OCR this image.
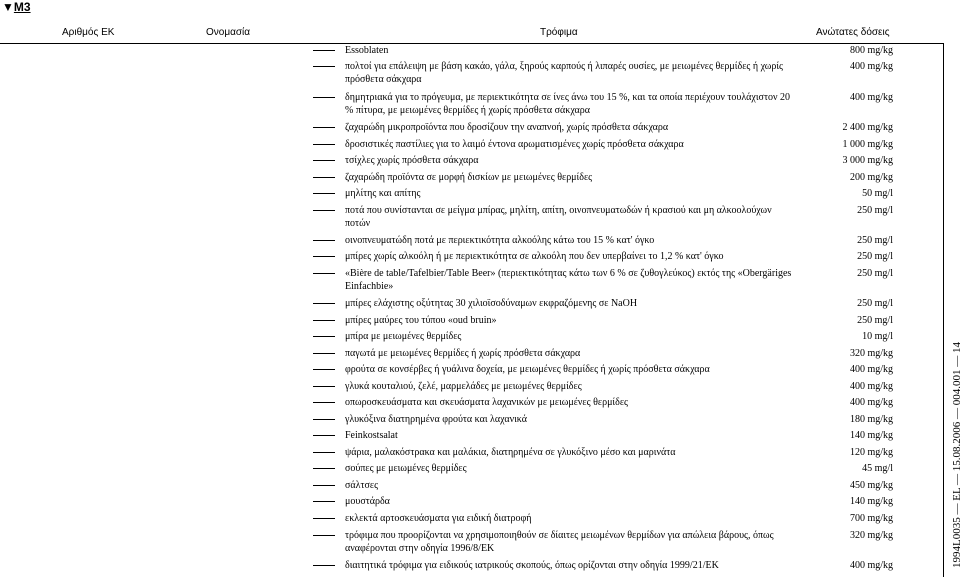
▼M3
Αριθμός ΕΚ	Ονομασία	Τρόφιμα	Ανώτατες δόσεις
Essoblaten	800 mg/kg
πολτοί για επάλειψη με βάση κακάο, γάλα, ξηρούς καρπούς ή λιπαρές ουσίες, με μειωμένες θερμίδες ή χωρίς πρόσθετα σάκχαρα
400 mg/kg
δημητριακά για το πρόγευμα, με περιεκτικότητα σε ίνες άνω του 15 %, και τα οποία περιέχουν τουλάχιστον 20 % πίτυρα, με μειωμένες θερμίδες ή χωρίς πρόσθετα σάκχαρα
400 mg/kg
ζαχαρώδη μικροπροϊόντα που δροσίζουν την αναπνοή, χωρίς πρόσθετα σάκχαρα	2 400 mg/kg
δροσιστικές παστίλιες για το λαιμό έντονα αρωματισμένες χωρίς πρόσθετα σάκχαρα	1 000 mg/kg
τσίχλες χωρίς πρόσθετα σάκχαρα	3 000 mg/kg
ζαχαρώδη προϊόντα σε μορφή δισκίων με μειωμένες θερμίδες	200 mg/kg
μηλίτης και απίτης	50 mg/l
ποτά που συνίστανται σε μείγμα μπίρας, μηλίτη, απίτη, οινοπνευματωδών ή κρασιού και μη αλκοολούχων ποτών
250 mg/l
οινοπνευματώδη ποτά με περιεκτικότητα αλκοόλης κάτω του 15 % κατ' όγκο	250 mg/l
μπίρες χωρίς αλκοόλη ή με περιεκτικότητα σε αλκοόλη που δεν υπερβαίνει το 1,2 % κατ' όγκο	250 mg/l
«Bière de table/Tafelbier/Table Beer» (περιεκτικότητας κάτω των 6 % σε ζυθογλεύκος) εκτός της «Obergäriges Einfachbie»
250 mg/l
μπίρες ελάχιστης οξύτητας 30 χιλιοϊσοδύναμων εκφραζόμενης σε NaOH	250 mg/l
μπίρες μαύρες του τύπου «oud bruin»	250 mg/l
μπίρα με μειωμένες θερμίδες	10 mg/l
παγωτά με μειωμένες θερμίδες ή χωρίς πρόσθετα σάκχαρα	320 mg/kg
φρούτα σε κονσέρβες ή γυάλινα δοχεία, με μειωμένες θερμίδες ή χωρίς πρόσθετα σάκχαρα	400 mg/kg
γλυκά κουταλιού, ζελέ, μαρμελάδες με μειωμένες θερμίδες	400 mg/kg
οπωροσκευάσματα και σκευάσματα λαχανικών με μειωμένες θερμίδες	400 mg/kg
γλυκόξινα διατηρημένα φρούτα και λαχανικά	180 mg/kg
Feinkostsalat	140 mg/kg
ψάρια, μαλακόστρακα και μαλάκια, διατηρημένα σε γλυκόξινο μέσο και μαρινάτα	120 mg/kg
σούπες με μειωμένες θερμίδες	45 mg/l
σάλτσες	450 mg/kg
μουστάρδα	140 mg/kg
εκλεκτά αρτοσκευάσματα για ειδική διατροφή	700 mg/kg
τρόφιμα που προορίζονται να χρησιμοποιηθούν σε δίαιτες μειωμένων θερμίδων για απώλεια βάρους, όπως αναφέρονται στην οδηγία 1996/8/ΕΚ
320 mg/kg
διαιτητικά τρόφιμα για ειδικούς ιατρικούς σκοπούς, όπως ορίζονται στην οδηγία 1999/21/ΕΚ	400 mg/kg	1994L0035 — EL — 15.08.2006 — 004.001 — 14
